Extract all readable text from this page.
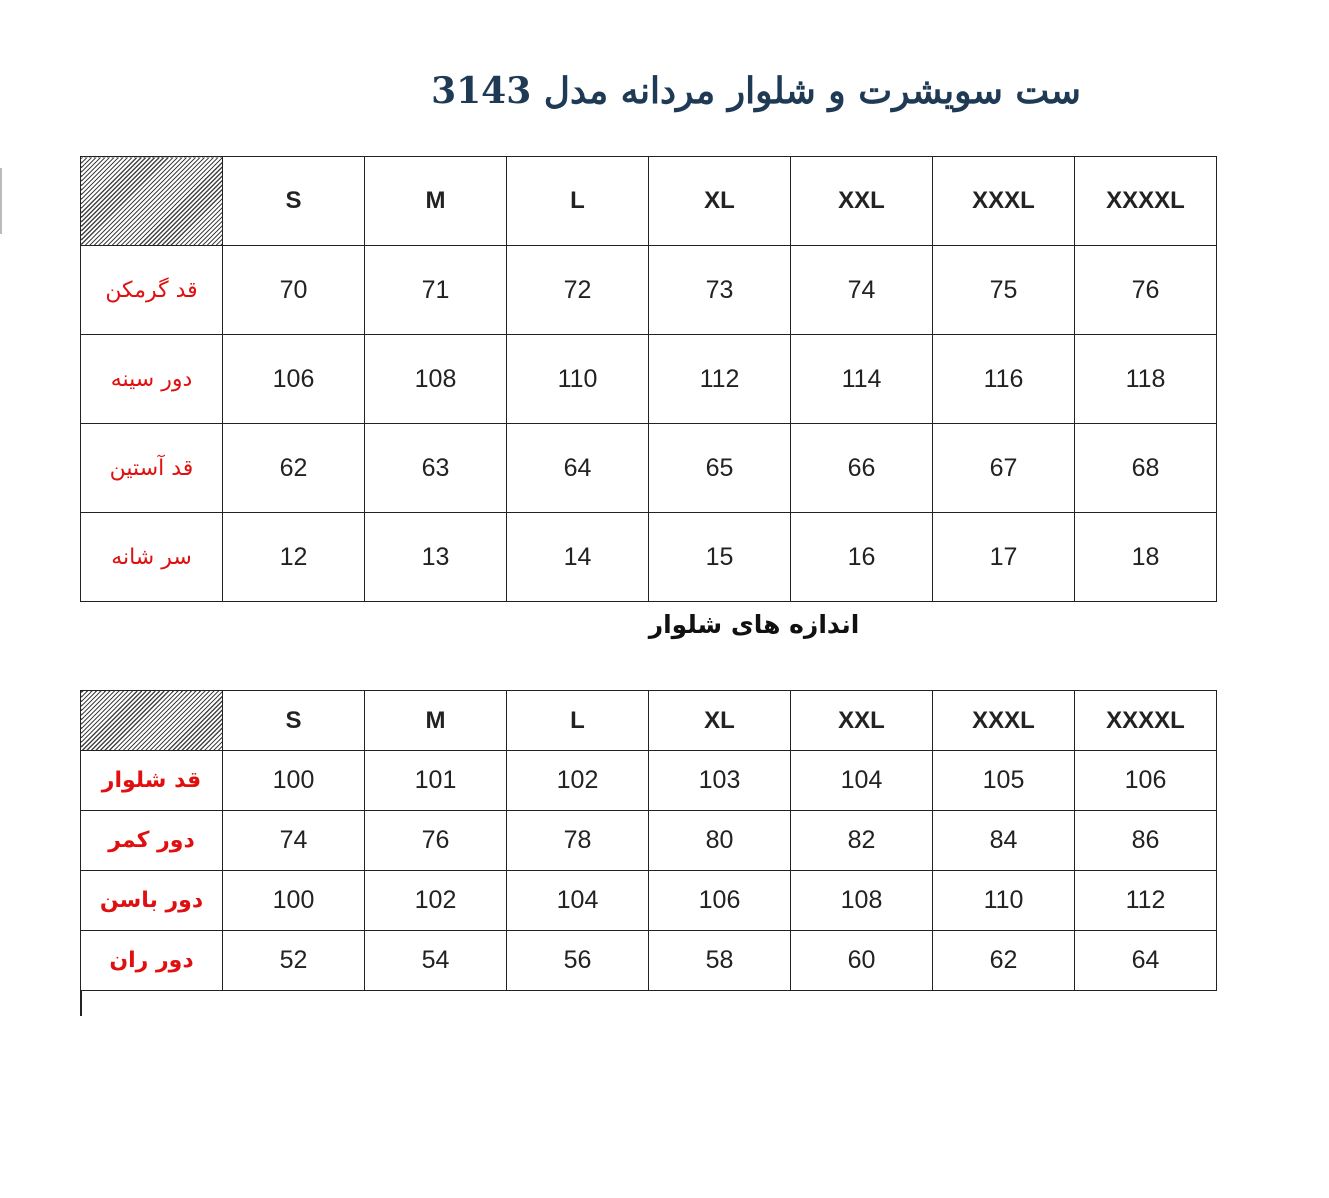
ست سویشرت و شلوار مردانه مدل 3143
	S	M	L	XL	XXL	XXXL	XXXXL
قد گرمکن	70	71	72	73	74	75	76
دور سینه	106	108	110	112	114	116	118
قد آستین	62	63	64	65	66	67	68
سر شانه	12	13	14	15	16	17	18
اندازه های شلوار
	S	M	L	XL	XXL	XXXL	XXXXL
قد شلوار	100	101	102	103	104	105	106
دور کمر	74	76	78	80	82	84	86
دور باسن	100	102	104	106	108	110	112
دور ران	52	54	56	58	60	62	64
